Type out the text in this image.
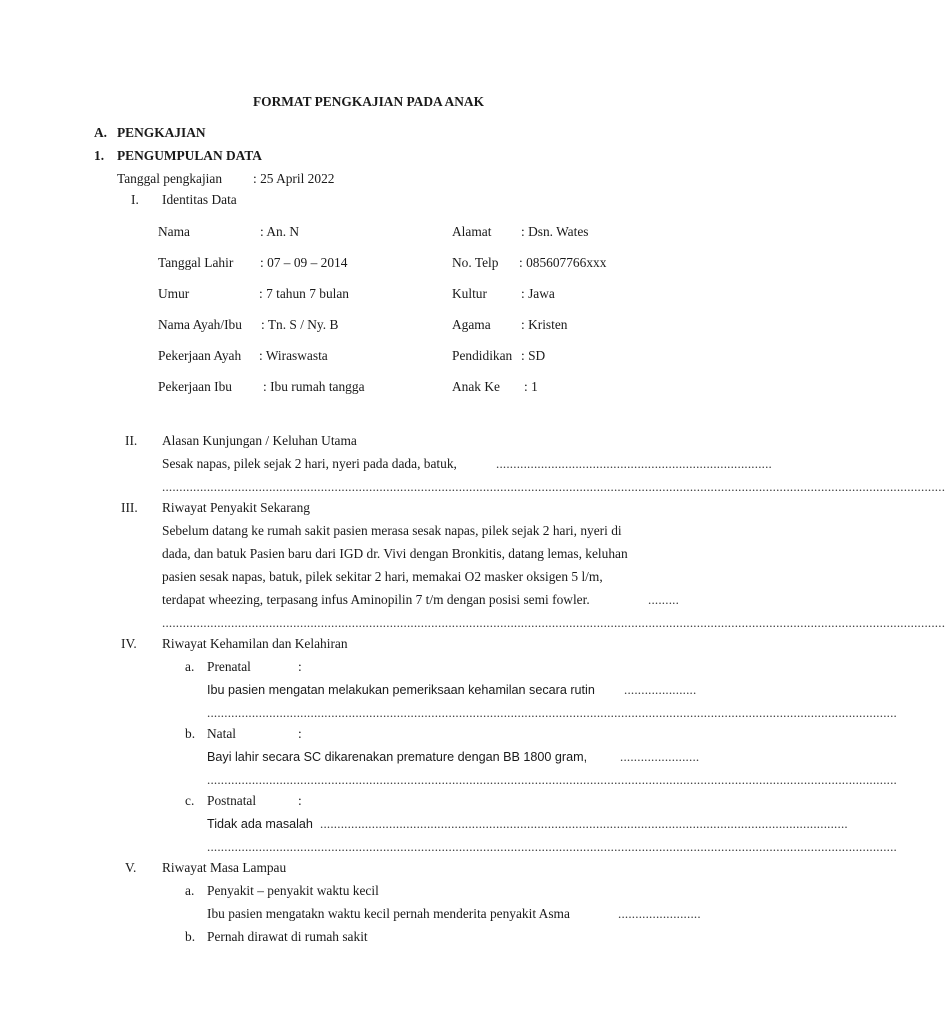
FORMAT PENGKAJIAN PADA ANAK
A. PENGKAJIAN
1. PENGUMPULAN DATA
Tanggal pengkajian : 25 April 2022
I. Identitas Data
Nama	: An. N	Alamat : Dsn. Wates
Tanggal Lahir : 07 – 09 – 2014	No. Telp : 085607766xxx
Umur	: 7 tahun 7 bulan	Kultur	: Jawa
Nama Ayah/Ibu : Tn. S / Ny. B	Agama : Kristen
Pekerjaan Ayah : Wiraswasta	Pendidikan : SD
Pekerjaan Ibu : Ibu rumah tangga	Anak Ke : 1
II. Alasan Kunjungan / Keluhan Utama
Sesak napas, pilek sejak 2 hari, nyeri pada dada, batuk,	................................................................................
...................................................................................................................................................................................................................................
III. Riwayat Penyakit Sekarang
Sebelum datang ke rumah sakit pasien merasa sesak napas, pilek sejak 2 hari, nyeri di
dada, dan batuk Pasien baru dari IGD dr. Vivi dengan Bronkitis, datang lemas, keluhan
pasien sesak napas, batuk, pilek sekitar 2 hari, memakai O2 masker oksigen 5 l/m,
terdapat wheezing, terpasang infus Aminopilin 7 t/m dengan posisi semi fowler.	.........
...................................................................................................................................................................................................................................
IV. Riwayat Kehamilan dan Kelahiran
a. Prenatal	:
Ibu pasien mengatan melakukan pemeriksaan kehamilan secara rutin .....................
........................................................................................................................................................................................................
b. Natal	:
Bayi lahir secara SC dikarenakan premature dengan BB 1800 gram,	.......................
........................................................................................................................................................................................................
c. Postnatal	:
Tidak ada masalah .........................................................................................................................................................
........................................................................................................................................................................................................
V. Riwayat Masa Lampau
a. Penyakit – penyakit waktu kecil
Ibu pasien mengatakn waktu kecil pernah menderita penyakit Asma	........................
b. Pernah dirawat di rumah sakit
